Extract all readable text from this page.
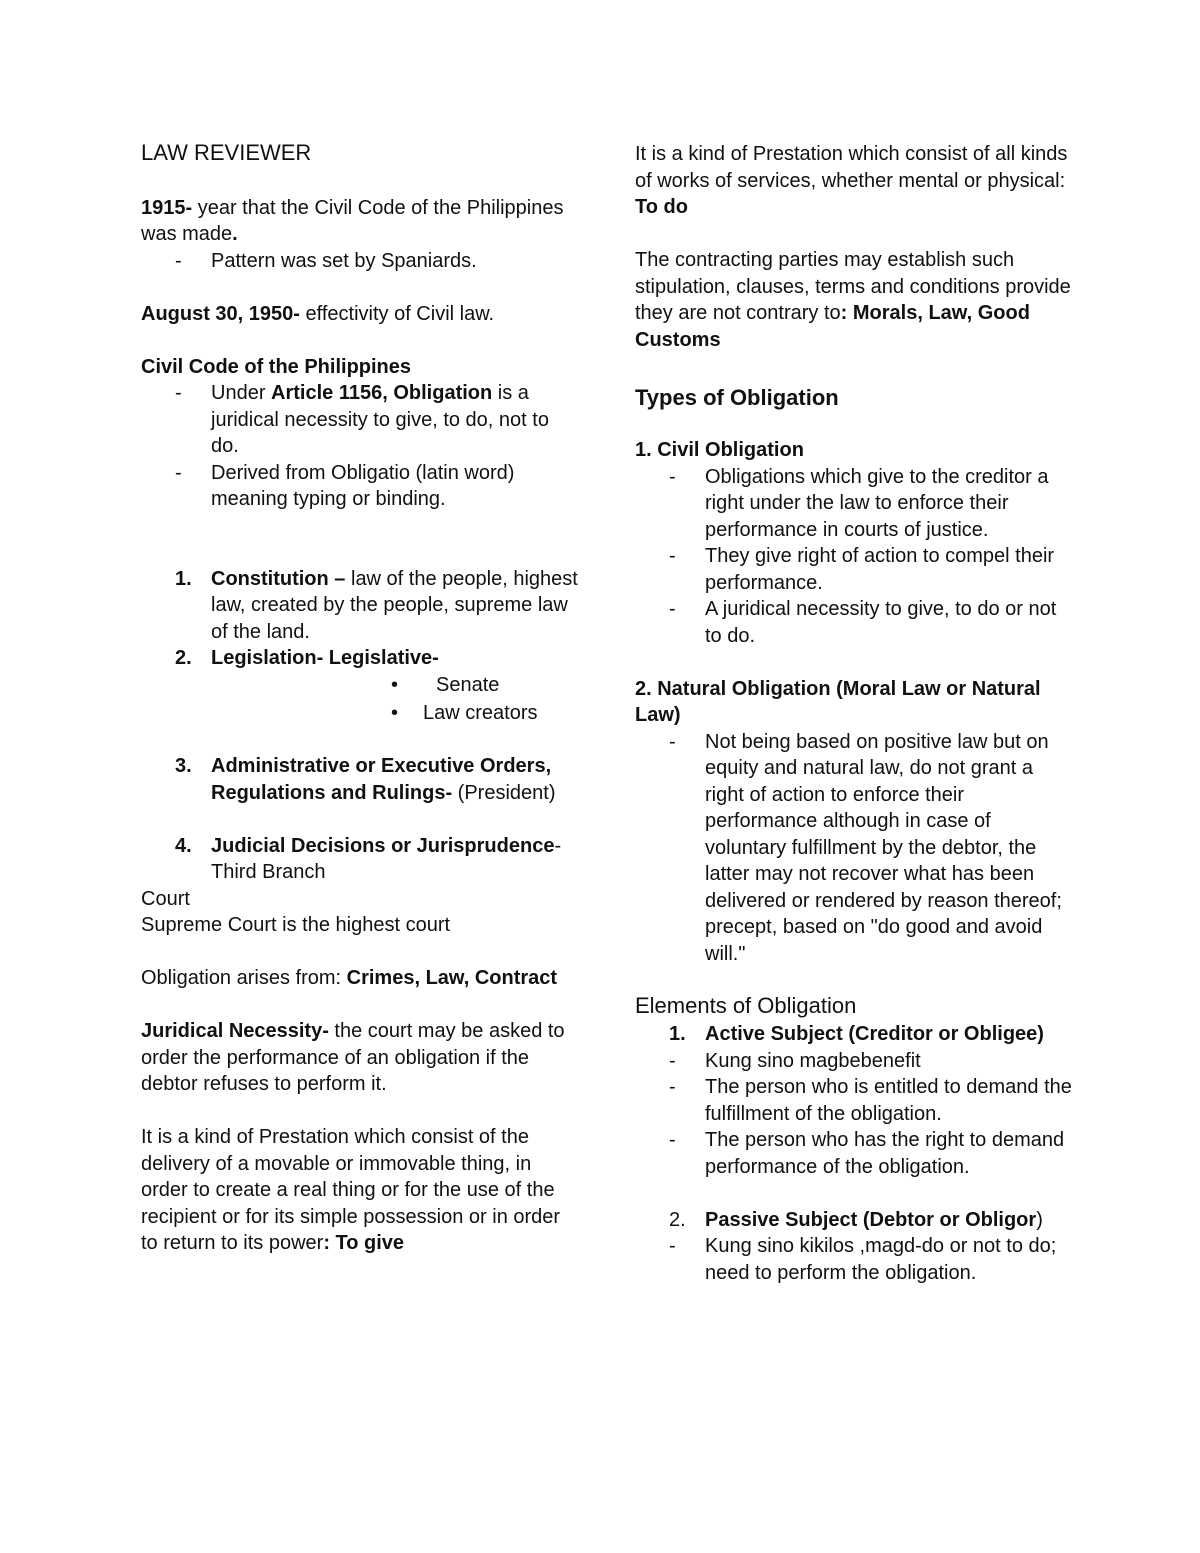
LAW REVIEWER

1915- year that the Civil Code of the Philippines was made.

- Pattern was set by Spaniards.

August 30, 1950- effectivity of Civil law.

Civil Code of the Philippines

- Under Article 1156, Obligation is a juridical necessity to give, to do, not to do.
- Derived from Obligatio (latin word) meaning typing or binding.
1. Constitution – law of the people, highest law, created by the people, supreme law of the land.
2. Legislation- Legislative-
• Senate
• Law creators
3. Administrative or Executive Orders, Regulations and Rulings- (President)
4. Judicial Decisions or Jurisprudence- Third Branch

Court

Supreme Court is the highest court

Obligation arises from: Crimes, Law, Contract

Juridical Necessity- the court may be asked to order the performance of an obligation if the debtor refuses to perform it.

It is a kind of Prestation which consist of the delivery of a movable or immovable thing, in order to create a real thing or for the use of the recipient or for its simple possession or in order to return to its power: To give

It is a kind of Prestation which consist of all kinds of works of services, whether mental or physical: To do

The contracting parties may establish such stipulation, clauses, terms and conditions provide they are not contrary to: Morals, Law, Good Customs

Types of Obligation

1. Civil Obligation

- Obligations which give to the creditor a right under the law to enforce their performance in courts of justice.
- They give right of action to compel their performance.
- A juridical necessity to give, to do or not to do.

2. Natural Obligation (Moral Law or Natural Law)

- Not being based on positive law but on equity and natural law, do not grant a right of action to enforce their performance although in case of voluntary fulfillment by the debtor, the latter may not recover what has been delivered or rendered by reason thereof; precept, based on "do good and avoid will."

Elements of Obligation

1. Active Subject (Creditor or Obligee)
- Kung sino magbebenefit
- The person who is entitled to demand the fulfillment of the obligation.
- The person who has the right to demand performance of the obligation.
2. Passive Subject (Debtor or Obligor)
- Kung sino kikilos ,magd-do or not to do; need to perform the obligation.
